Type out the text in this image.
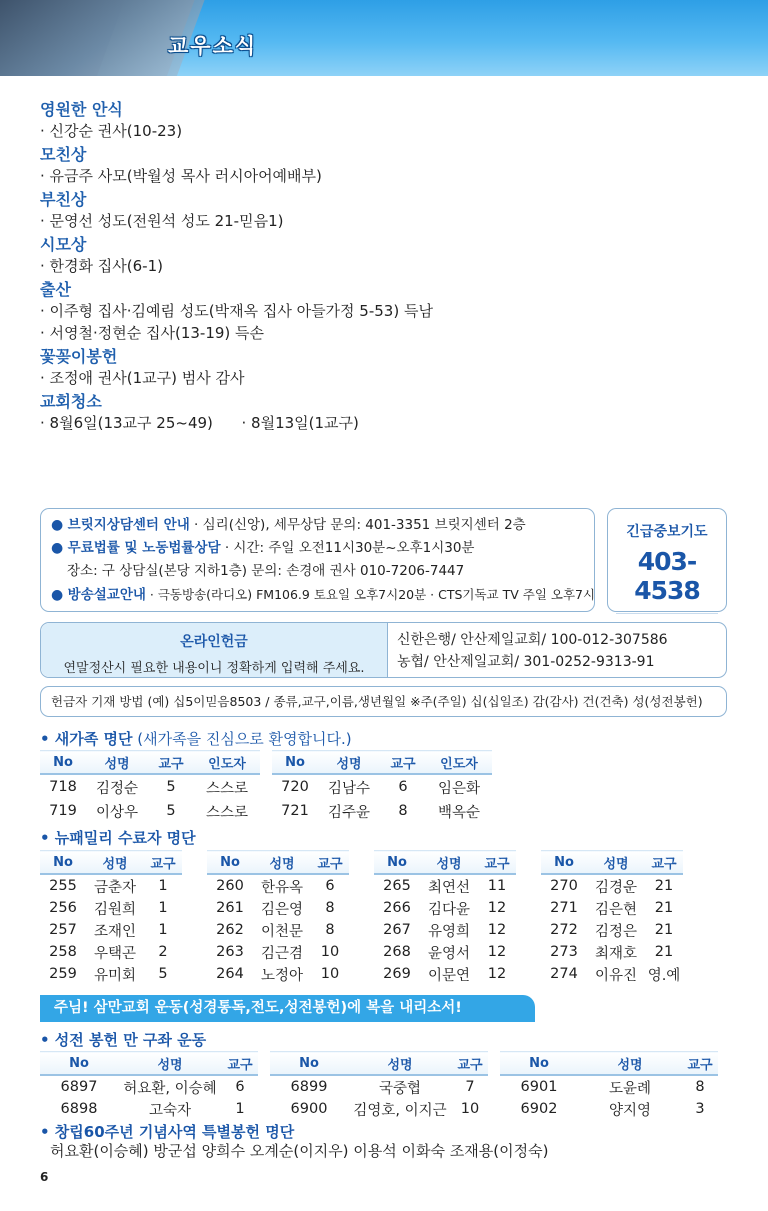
교우소식
영원한 안식
· 신강순 권사(10-23)
모친상
· 유금주 사모(박월성 목사 러시아어예배부)
부친상
· 문영선 성도(전원석 성도 21-믿음1)
시모상
· 한경화 집사(6-1)
출산
· 이주형 집사·김예림 성도(박재옥 집사 아들가정 5-53) 득남
· 서영철·정현순 집사(13-19) 득손
꽃꽂이봉헌
· 조정애 권사(1교구) 범사 감사
교회청소
· 8월6일(13교구 25~49)      · 8월13일(1교구)
● 브릿지상담센터 안내 · 심리(신앙), 세무상담 문의: 401-3351 브릿지센터 2층
● 무료법률 및 노동법률상담 · 시간: 주일 오전11시30분~오후1시30분
장소: 구 상담실(본당 지하1층) 문의: 손경애 권사 010-7206-7447
● 방송설교안내 · 극동방송(라디오) FM106.9 토요일 오후7시20분 · CTS기독교 TV 주일 오후7시
긴급중보기도
403-4538
온라인헌금
연말정산시 필요한 내용이니 정확하게 입력해 주세요.
신한은행/ 안산제일교회/ 100-012-307586
농협/ 안산제일교회/ 301-0252-9313-91
헌금자 기재 방법 (예) 십5이믿음8503 / 종류,교구,이름,생년월일 ※주(주일) 십(십일조) 감(감사) 건(건축) 성(성전봉헌)
• 새가족 명단 (새가족을 진심으로 환영합니다.)
No	성명	교구	인도자
718	김정순	5	스스로
719	이상우	5	스스로
No	성명	교구	인도자
720	김남수	6	임은화
721	김주윤	8	백옥순
• 뉴패밀리 수료자 명단
No	성명	교구
255	금춘자	1
256	김원희	1
257	조재인	1
258	우택곤	2
259	유미회	5
No	성명	교구
260	한유옥	6
261	김은영	8
262	이천문	8
263	김근겸	10
264	노정아	10
No	성명	교구
265	최연선	11
266	김다윤	12
267	유영희	12
268	윤영서	12
269	이문연	12
No	성명	교구
270	김경운	21
271	김은현	21
272	김정은	21
273	최재호	21
274	이유진	영.예
주님! 삼만교회 운동(성경통독,전도,성전봉헌)에 복을 내리소서!
• 성전 봉헌 만 구좌 운동
No	성명	교구
6897	허요환, 이승혜	6
6898	고숙자	1
No	성명	교구
6899	국중협	7
6900	김영호, 이지근	10
No	성명	교구
6901	도윤례	8
6902	양지영	3
• 창립60주년 기념사역 특별봉헌 명단
허요환(이승혜) 방군섭 양희수 오계순(이지우) 이용석 이화숙 조재용(이정숙)
6
